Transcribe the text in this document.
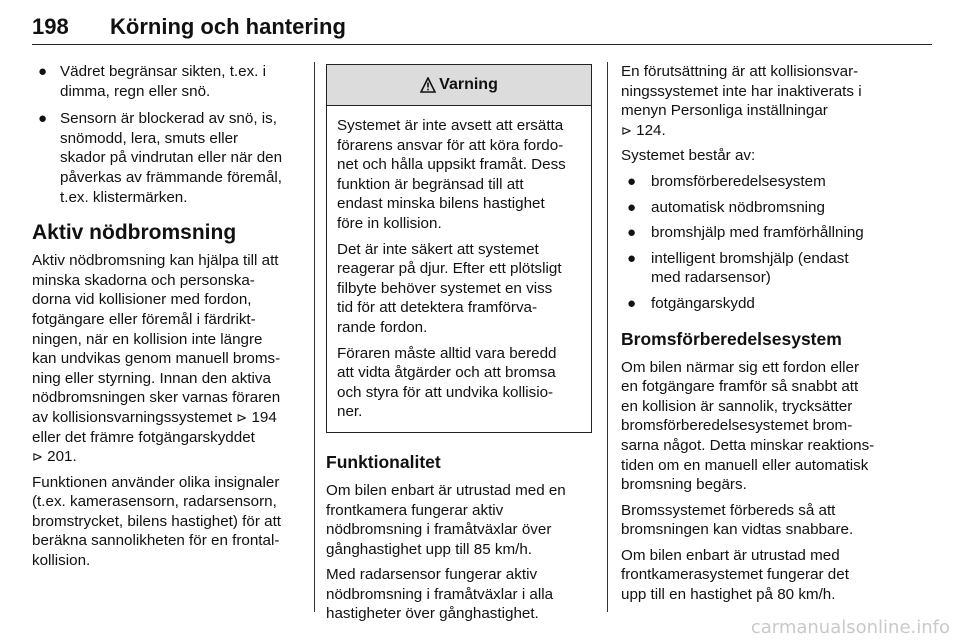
198	Körning och hantering
● Vädret begränsar sikten, t.ex. i
dimma, regn eller snö.
● Sensorn är blockerad av snö, is,
snömodd, lera, smuts eller
skador på vindrutan eller när den
påverkas av främmande föremål,
t.ex. klistermärken.
Aktiv nödbromsning

Aktiv nödbromsning kan hjälpa till att
minska skadorna och personska-
dorna vid kollisioner med fordon,
fotgängare eller föremål i färdrikt-
ningen, när en kollision inte längre
kan undvikas genom manuell broms-
ning eller styrning. Innan den aktiva
nödbromsningen sker varnas föraren
av kollisionsvarningssystemet ⊳ 194
eller det främre fotgängarskyddet
⊳ 201.

Funktionen använder olika insignaler
(t.ex. kamerasensorn, radarsensorn,
bromstrycket, bilens hastighet) för att
beräkna sannolikheten för en frontal-
kollision.

Varning

Systemet är inte avsett att ersätta
förarens ansvar för att köra fordo-
net och hålla uppsikt framåt. Dess
funktion är begränsad till att
endast minska bilens hastighet
före in kollision.

Det är inte säkert att systemet
reagerar på djur. Efter ett plötsligt
filbyte behöver systemet en viss
tid för att detektera framförva-
rande fordon.

Föraren måste alltid vara beredd
att vidta åtgärder och att bromsa
och styra för att undvika kollisio-
ner.

Funktionalitet

Om bilen enbart är utrustad med en
frontkamera fungerar aktiv
nödbromsning i framåtväxlar över
gånghastighet upp till 85 km/h.

Med radarsensor fungerar aktiv
nödbromsning i framåtväxlar i alla
hastigheter över gånghastighet.

En förutsättning är att kollisionsvar-
ningssystemet inte har inaktiverats i
menyn Personliga inställningar
⊳ 124.

Systemet består av:

● bromsförberedelsesystem
● automatisk nödbromsning
● bromshjälp med framförhållning
● intelligent bromshjälp (endast
med radarsensor)
● fotgängarskydd
Bromsförberedelsesystem

Om bilen närmar sig ett fordon eller
en fotgängare framför så snabbt att
en kollision är sannolik, trycksätter
bromsförberedelsesystemet brom-
sarna något. Detta minskar reaktions-
tiden om en manuell eller automatisk
bromsning begärs.

Bromssystemet förbereds så att
bromsningen kan vidtas snabbare.

Om bilen enbart är utrustad med
frontkamerasystemet fungerar det
upp till en hastighet på 80 km/h.

carmanualsonline.info
